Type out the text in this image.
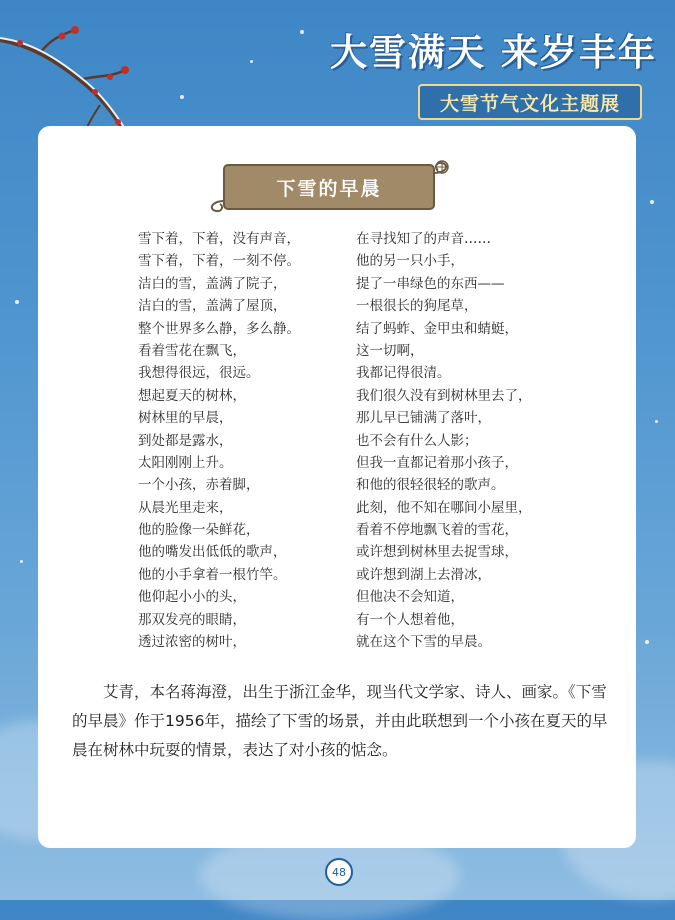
大雪满天 来岁丰年
大雪节气文化主题展
下雪的早晨
雪下着，下着，没有声音，
雪下着，下着，一刻不停。
洁白的雪，盖满了院子，
洁白的雪，盖满了屋顶，
整个世界多么静，多么静。
看着雪花在飘飞，
我想得很远，很远。
想起夏天的树林，
树林里的早晨，
到处都是露水，
太阳刚刚上升。
一个小孩，赤着脚，
从晨光里走来，
他的脸像一朵鲜花，
他的嘴发出低低的歌声，
他的小手拿着一根竹竿。
他仰起小小的头，
那双发亮的眼睛，
透过浓密的树叶，
在寻找知了的声音……
他的另一只小手，
提了一串绿色的东西——
一根很长的狗尾草，
结了蚂蚱、金甲虫和蜻蜓，
这一切啊，
我都记得很清。
我们很久没有到树林里去了，
那儿早已铺满了落叶，
也不会有什么人影；
但我一直都记着那小孩子，
和他的很轻很轻的歌声。
此刻，他不知在哪间小屋里，
看着不停地飘飞着的雪花，
或许想到树林里去捉雪球，
或许想到湖上去滑冰，
但他决不会知道，
有一个人想着他，
就在这个下雪的早晨。
艾青，本名蒋海澄，出生于浙江金华，现当代文学家、诗人、画家。《下雪的早晨》作于1956年，描绘了下雪的场景，并由此联想到一个小孩在夏天的早晨在树林中玩耍的情景，表达了对小孩的惦念。
48
